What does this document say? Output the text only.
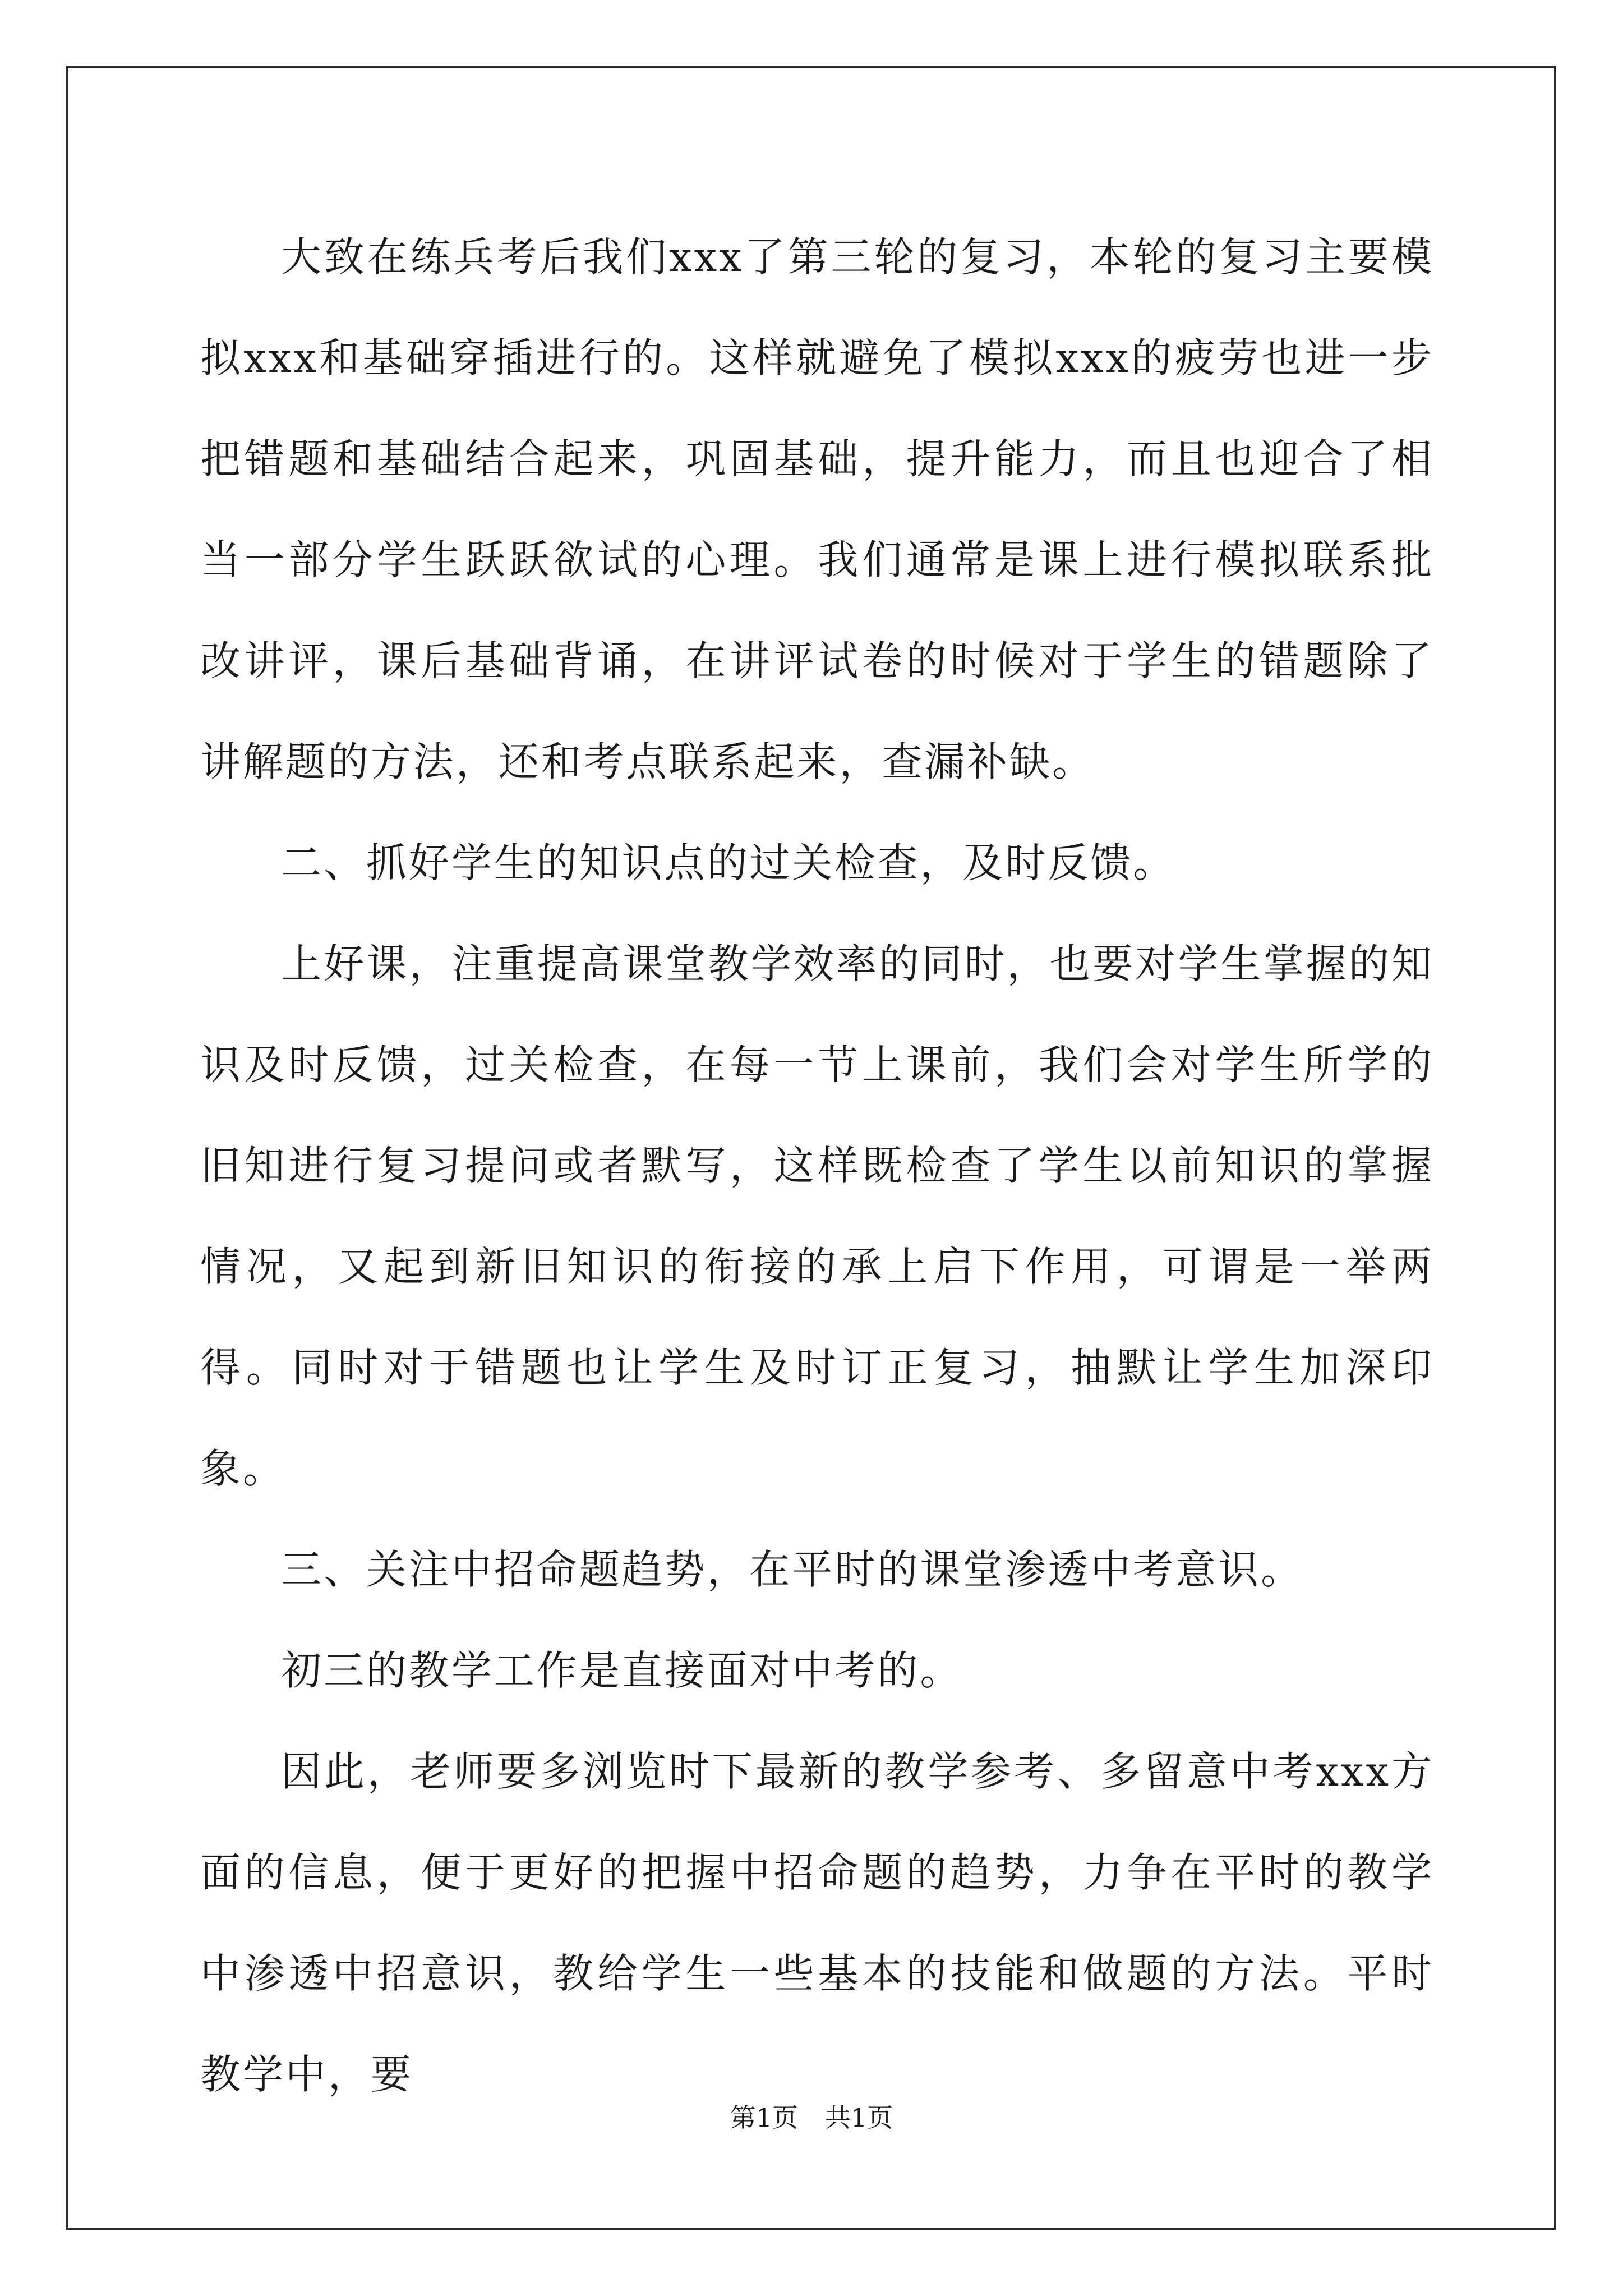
大致在练兵考后我们xxx了第三轮的复习，本轮的复习主要模拟xxx和基础穿插进行的。这样就避免了模拟xxx的疲劳也进一步把错题和基础结合起来，巩固基础，提升能力，而且也迎合了相当一部分学生跃跃欲试的心理。我们通常是课上进行模拟联系批改讲评，课后基础背诵，在讲评试卷的时候对于学生的错题除了讲解题的方法，还和考点联系起来，查漏补缺。

二、抓好学生的知识点的过关检查，及时反馈。

上好课，注重提高课堂教学效率的同时，也要对学生掌握的知识及时反馈，过关检查，在每一节上课前，我们会对学生所学的旧知进行复习提问或者默写，这样既检查了学生以前知识的掌握情况，又起到新旧知识的衔接的承上启下作用，可谓是一举两得。同时对于错题也让学生及时订正复习，抽默让学生加深印象。

三、关注中招命题趋势，在平时的课堂渗透中考意识。

初三的教学工作是直接面对中考的。

因此，老师要多浏览时下最新的教学参考、多留意中考xxx方面的信息，便于更好的把握中招命题的趋势，力争在平时的教学中渗透中招意识，教给学生一些基本的技能和做题的方法。平时教学中，要

第1页 共1页
